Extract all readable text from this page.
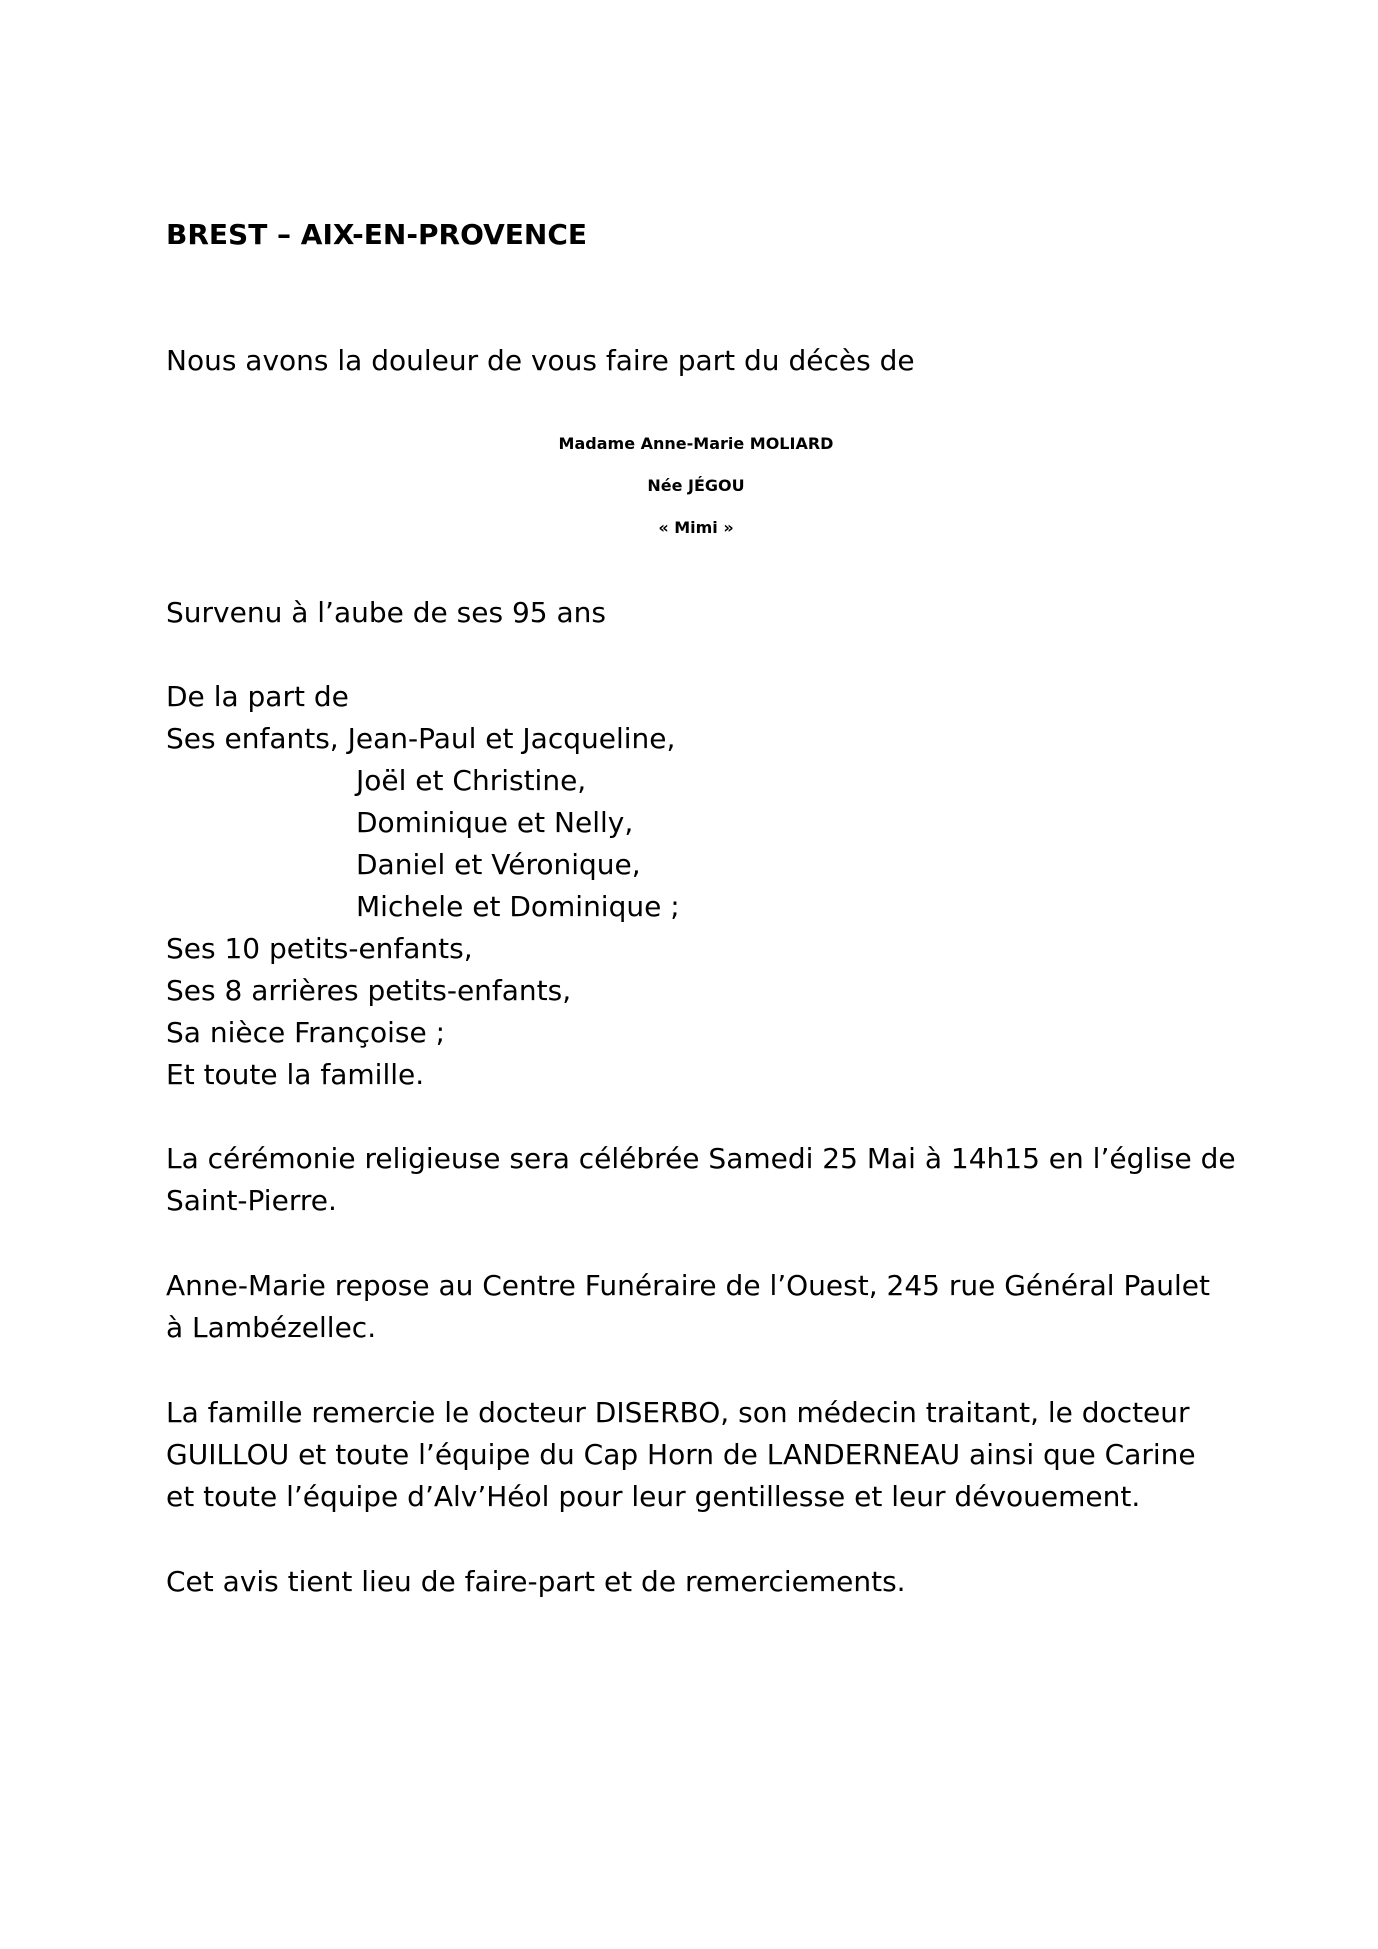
BREST – AIX-EN-PROVENCE

Nous avons la douleur de vous faire part du décès de

Madame Anne-Marie MOLIARD

Née JÉGOU

« Mimi »

Survenu à l’aube de ses 95 ans

De la part de

Ses enfants, Jean-Paul et Jacqueline,

Joël et Christine,

Dominique et Nelly,

Daniel et Véronique,

Michele et Dominique ;

Ses 10 petits-enfants,

Ses 8 arrières petits-enfants,

Sa nièce Françoise ;

Et toute la famille.

La cérémonie religieuse sera célébrée Samedi 25 Mai à 14h15 en l’église de

Saint-Pierre.

Anne-Marie repose au Centre Funéraire de l’Ouest, 245 rue Général Paulet

à Lambézellec.

La famille remercie le docteur DISERBO, son médecin traitant, le docteur

GUILLOU et toute l’équipe du Cap Horn de LANDERNEAU ainsi que Carine

et toute l’équipe d’Alv’Héol pour leur gentillesse et leur dévouement.

Cet avis tient lieu de faire-part et de remerciements.
